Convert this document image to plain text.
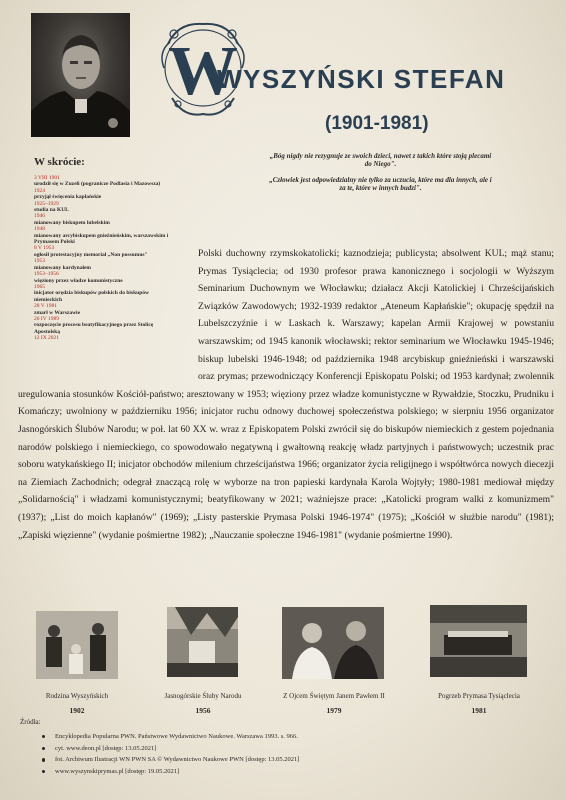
W
WYSZYŃSKI STEFAN
(1901-1981)
„Bóg nigdy nie rezygnuje ze swoich dzieci, nawet z takich które stoją plecami do Niego".
„Człowiek jest odpowiedzialny nie tylko za uczucia, które ma dla innych, ale i za te, które w innych budzi".
W skrócie:
3 VIII 1901
urodził się w Zuzeli (pogranicze Podlasia i Mazowsza)
1924
przyjął święcenia kapłańskie
1925–1929
studia na KUL
1946
mianowany biskupem lubelskim
1948
mianowany arcybiskupem gnieźnieńskim, warszawskim i Prymasem Polski
8 V 1953
ogłosił protestacyjny memoriał „Non possumus"
1953
mianowany kardynałem
1953–1956
więziony przez władze komunistyczne
1965
inicjator orędzia biskupów polskich do biskupów niemieckich
28 V 1981
zmarł w Warszawie
26 IV 1989
rozpoczęcie procesu beatyfikacyjnego przez Stolicę Apostolską
12 IX 2021
Polski duchowny rzymskokatolicki; kaznodzieja; publicysta; absolwent KUL; mąż stanu; Prymas Tysiąclecia; od 1930 profesor prawa kanonicznego i socjologii w Wyższym Seminarium Duchownym we Włocławku; działacz Akcji Katolickiej i Chrześcijańskich Związków Zawodowych; 1932-1939 redaktor „Ateneum Kapłańskie"; okupację spędził na Lubelszczyźnie i w Laskach k. Warszawy; kapelan Armii Krajowej w powstaniu warszawskim; od 1945 kanonik włocławski; rektor seminarium we Włocławku 1945-1946; biskup lubelski 1946-1948; od października 1948 arcybiskup gnieźnieński i warszawski oraz prymas; przewodniczący Konferencji Episkopatu Polski; od 1953 kardynał; zwolennik uregulowania stosunków Kościół-państwo; aresztowany w 1953; więziony przez władze komunistyczne w Rywałdzie, Stoczku, Prudniku i Komańczy; uwolniony w październiku 1956; inicjator ruchu odnowy duchowej społeczeństwa polskiego; w sierpniu 1956 organizator Jasnogórskich Ślubów Narodu; w poł. lat 60 XX w. wraz z Episkopatem Polski zwrócił się do biskupów niemieckich z gestem pojednania narodów polskiego i niemieckiego, co spowodowało negatywną i gwałtowną reakcję władz partyjnych i państwowych; uczestnik prac soboru watykańskiego II; inicjator obchodów milenium chrześcijaństwa 1966; organizator życia religijnego i współtwórca nowych diecezji na Ziemiach Zachodnich; odegrał znaczącą rolę w wyborze na tron papieski kardynała Karola Wojtyły; 1980-1981 mediował między „Solidarnością" i władzami komunistycznymi; beatyfikowany w 2021; ważniejsze prace: „Katolicki program walki z komunizmem" (1937); „List do moich kapłanów" (1969); „Listy pasterskie Prymasa Polski 1946-1974" (1975); „Kościół w służbie narodu" (1981); „Zapiski więzienne" (wydanie pośmiertne 1982); „Nauczanie społeczne 1946-1981" (wydanie pośmiertne 1990).
Rodzina Wyszyńskich
1902
Jasnogórskie Śluby Narodu
1956
Z Ojcem Świętym Janem Pawłem II
1979
Pogrzeb Prymasa Tysiąclecia
1981
Źródła:
Encyklopedia Popularna PWN. Państwowe Wydawnictwo Naukowe. Warszawa 1993. s. 966.
cyt. www.deon.pl [dostęp: 13.05.2021]
fot. Archiwum Ilustracji WN PWN SA © Wydawnictwo Naukowe PWN [dostęp: 13.05.2021]
www.wyszynskiprymas.pl [dostęp: 19.05.2021]
